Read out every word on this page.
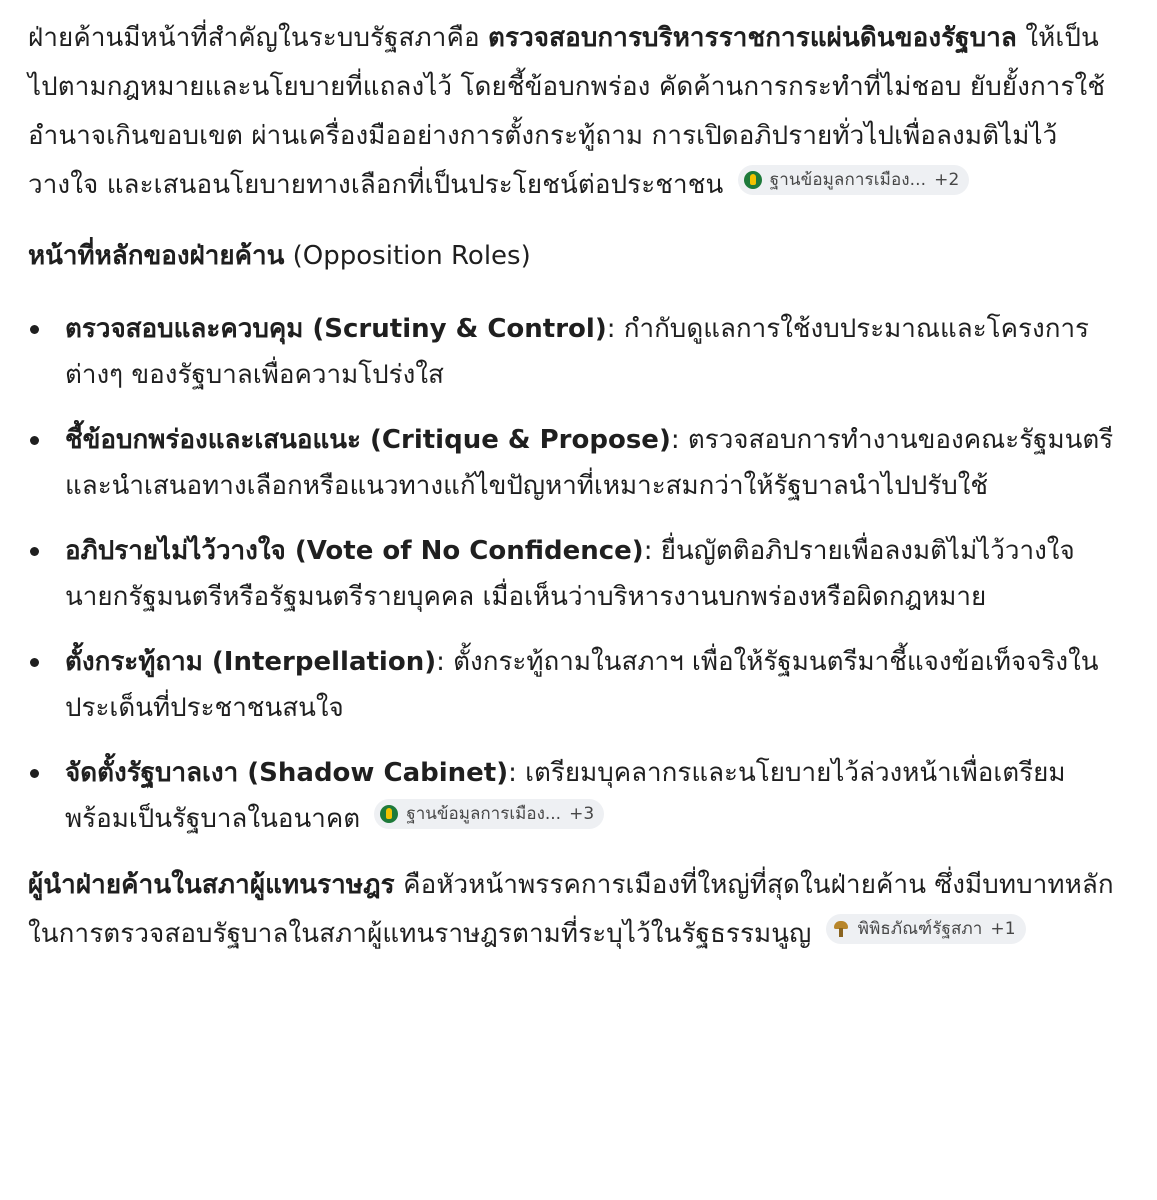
ฝ่ายค้านมีหน้าที่สำคัญในระบบรัฐสภาคือ ตรวจสอบการบริหารราชการแผ่นดินของรัฐบาล ให้เป็นไปตามกฎหมายและนโยบายที่แถลงไว้ โดยชี้ข้อบกพร่อง คัดค้านการกระทำที่ไม่ชอบ ยับยั้งการใช้อำนาจเกินขอบเขต ผ่านเครื่องมืออย่างการตั้งกระทู้ถาม การเปิดอภิปรายทั่วไปเพื่อลงมติไม่ไว้วางใจ และเสนอนโยบายทางเลือกที่เป็นประโยชน์ต่อประชาชน	ฐานข้อมูลการเมือง... +2

หน้าที่หลักของฝ่ายค้าน (Opposition Roles)

ตรวจสอบและควบคุม (Scrutiny & Control): กำกับดูแลการใช้งบประมาณและโครงการต่างๆ ของรัฐบาลเพื่อความโปร่งใส
ชี้ข้อบกพร่องและเสนอแนะ (Critique & Propose): ตรวจสอบการทำงานของคณะรัฐมนตรี และนำเสนอทางเลือกหรือแนวทางแก้ไขปัญหาที่เหมาะสมกว่าให้รัฐบาลนำไปปรับใช้
อภิปรายไม่ไว้วางใจ (Vote of No Confidence): ยื่นญัตติอภิปรายเพื่อลงมติไม่ไว้วางใจนายกรัฐมนตรีหรือรัฐมนตรีรายบุคคล เมื่อเห็นว่าบริหารงานบกพร่องหรือผิดกฎหมาย
ตั้งกระทู้ถาม (Interpellation): ตั้งกระทู้ถามในสภาฯ เพื่อให้รัฐมนตรีมาชี้แจงข้อเท็จจริงในประเด็นที่ประชาชนสนใจ
จัดตั้งรัฐบาลเงา (Shadow Cabinet): เตรียมบุคลากรและนโยบายไว้ล่วงหน้าเพื่อเตรียมพร้อมเป็นรัฐบาลในอนาคต	ฐานข้อมูลการเมือง... +3

ผู้นำฝ่ายค้านในสภาผู้แทนราษฎร คือหัวหน้าพรรคการเมืองที่ใหญ่ที่สุดในฝ่ายค้าน ซึ่งมีบทบาทหลักในการตรวจสอบรัฐบาลในสภาผู้แทนราษฎรตามที่ระบุไว้ในรัฐธรรมนูญ	พิพิธภัณฑ์รัฐสภา +1
